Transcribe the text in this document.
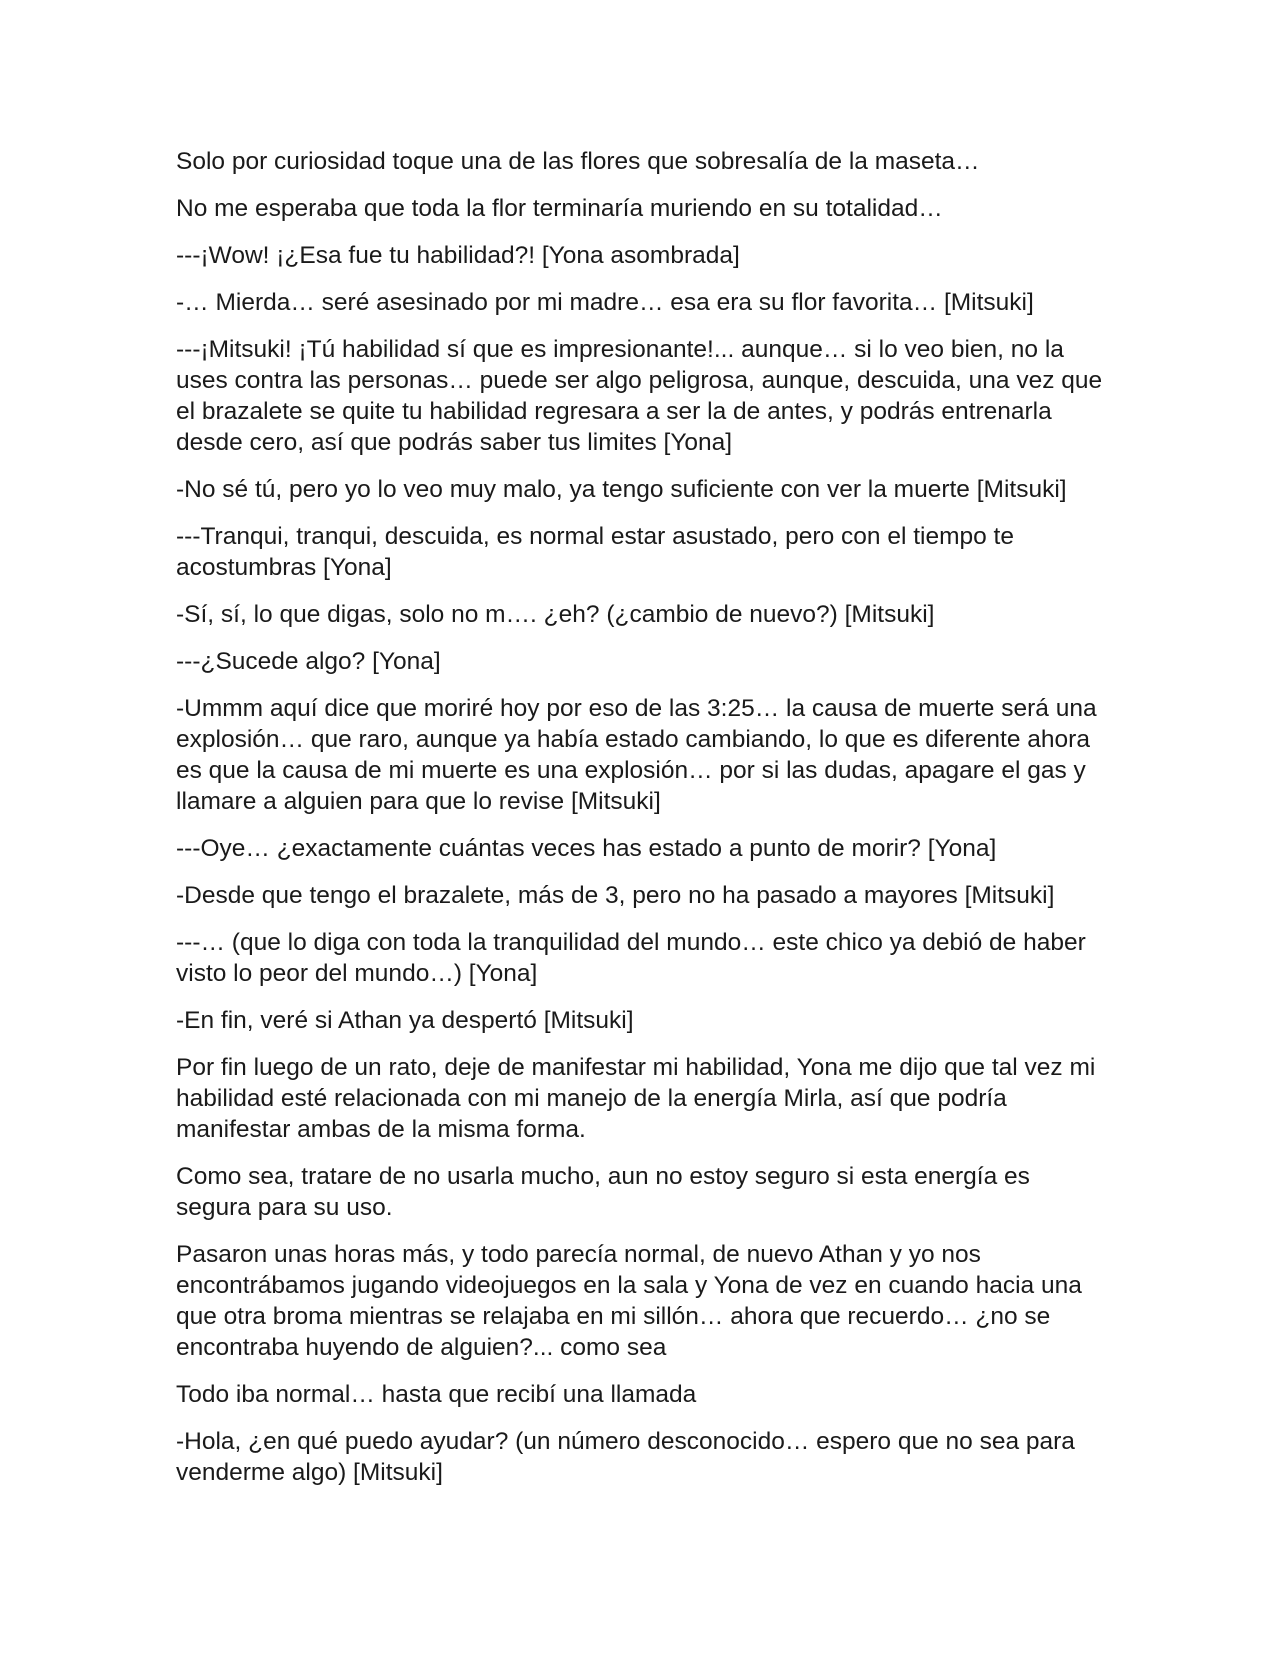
Solo por curiosidad toque una de las flores que sobresalía de la maseta…

No me esperaba que toda la flor terminaría muriendo en su totalidad…

---¡Wow! ¡¿Esa fue tu habilidad?! [Yona asombrada]

-… Mierda… seré asesinado por mi madre… esa era su flor favorita… [Mitsuki]

---¡Mitsuki! ¡Tú habilidad sí que es impresionante!... aunque… si lo veo bien, no la uses contra las personas… puede ser algo peligrosa, aunque, descuida, una vez que el brazalete se quite tu habilidad regresara a ser la de antes, y podrás entrenarla desde cero, así que podrás saber tus limites [Yona]

-No sé tú, pero yo lo veo muy malo, ya tengo suficiente con ver la muerte [Mitsuki]

---Tranqui, tranqui, descuida, es normal estar asustado, pero con el tiempo te acostumbras [Yona]

-Sí, sí, lo que digas, solo no m…. ¿eh? (¿cambio de nuevo?) [Mitsuki]

---¿Sucede algo? [Yona]

-Ummm aquí dice que moriré hoy por eso de las 3:25… la causa de muerte será una explosión… que raro, aunque ya había estado cambiando, lo que es diferente ahora es que la causa de mi muerte es una explosión… por si las dudas, apagare el gas y llamare a alguien para que lo revise [Mitsuki]

---Oye… ¿exactamente cuántas veces has estado a punto de morir? [Yona]

-Desde que tengo el brazalete, más de 3, pero no ha pasado a mayores [Mitsuki]

---… (que lo diga con toda la tranquilidad del mundo… este chico ya debió de haber visto lo peor del mundo…) [Yona]

-En fin, veré si Athan ya despertó [Mitsuki]

Por fin luego de un rato, deje de manifestar mi habilidad, Yona me dijo que tal vez mi habilidad esté relacionada con mi manejo de la energía Mirla, así que podría manifestar ambas de la misma forma.

Como sea, tratare de no usarla mucho, aun no estoy seguro si esta energía es segura para su uso.

Pasaron unas horas más, y todo parecía normal, de nuevo Athan y yo nos encontrábamos jugando videojuegos en la sala y Yona de vez en cuando hacia una que otra broma mientras se relajaba en mi sillón… ahora que recuerdo… ¿no se encontraba huyendo de alguien?... como sea

Todo iba normal… hasta que recibí una llamada

-Hola, ¿en qué puedo ayudar? (un número desconocido… espero que no sea para venderme algo) [Mitsuki]
